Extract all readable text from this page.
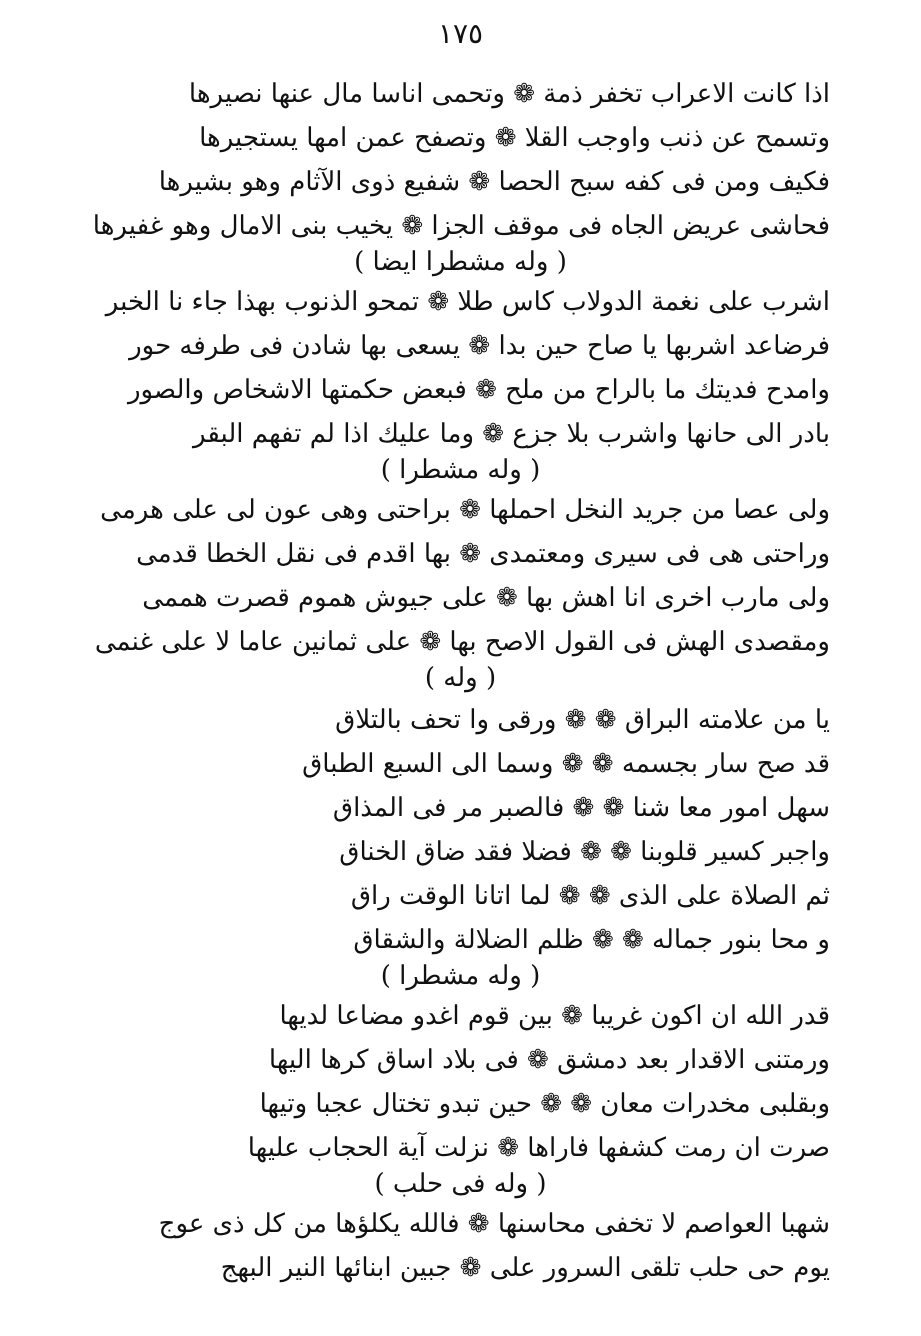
١٧٥
اذا كانت الاعراب تخفر ذمة ❁ وتحمى اناسا مال عنها نصيرها
وتسمح عن ذنب واوجب القلا ❁ وتصفح عمن امها يستجيرها
فكيف ومن فى كفه سبح الحصا ❁ شفيع ذوى الآثام وهو بشيرها
فحاشى عريض الجاه فى موقف الجزا ❁ يخيب بنى الامال وهو غفيرها
( وله مشطرا ايضا )
اشرب على نغمة الدولاب كاس طلا ❁ تمحو الذنوب بهذا جاء نا الخبر
فرضاعد اشربها يا صاح حين بدا ❁ يسعى بها شادن فى طرفه حور
وامدح فديتك ما بالراح من ملح ❁ فبعض حكمتها الاشخاص والصور
بادر الى حانها واشرب بلا جزع ❁ وما عليك اذا لم تفهم البقر
( وله مشطرا )
ولى عصا من جريد النخل احملها ❁ براحتى وهى عون لى على هرمى
وراحتى هى فى سيرى ومعتمدى ❁ بها اقدم فى نقل الخطا قدمى
ولى مارب اخرى انا اهش بها ❁ على جيوش هموم قصرت هممى
ومقصدى الهش فى القول الاصح بها ❁ على ثمانين عاما لا على غنمى
( وله )
يا من علامته البراق ❁ ❁ ورقى وا تحف بالتلاق
قد صح سار بجسمه ❁ ❁ وسما الى السبع الطباق
سهل امور معا شنا ❁ ❁ فالصبر مر فى المذاق
واجبر كسير قلوبنا ❁ ❁ فضلا فقد ضاق الخناق
ثم الصلاة على الذى ❁ ❁ لما اتانا الوقت راق
و محا بنور جماله ❁ ❁ ظلم الضلالة والشقاق
( وله مشطرا )
قدر الله ان اكون غريبا ❁ بين قوم اغدو مضاعا لديها
ورمتنى الاقدار بعد دمشق ❁ فى بلاد اساق كرها اليها
وبقلبى مخدرات معان ❁ ❁ حين تبدو تختال عجبا وتيها
صرت ان رمت كشفها فاراها ❁ نزلت آية الحجاب عليها
( وله فى حلب )
شهبا العواصم لا تخفى محاسنها ❁ فالله يكلؤها من كل ذى عوج
يوم حى حلب تلقى السرور على ❁ جبين ابنائها النير البهج
